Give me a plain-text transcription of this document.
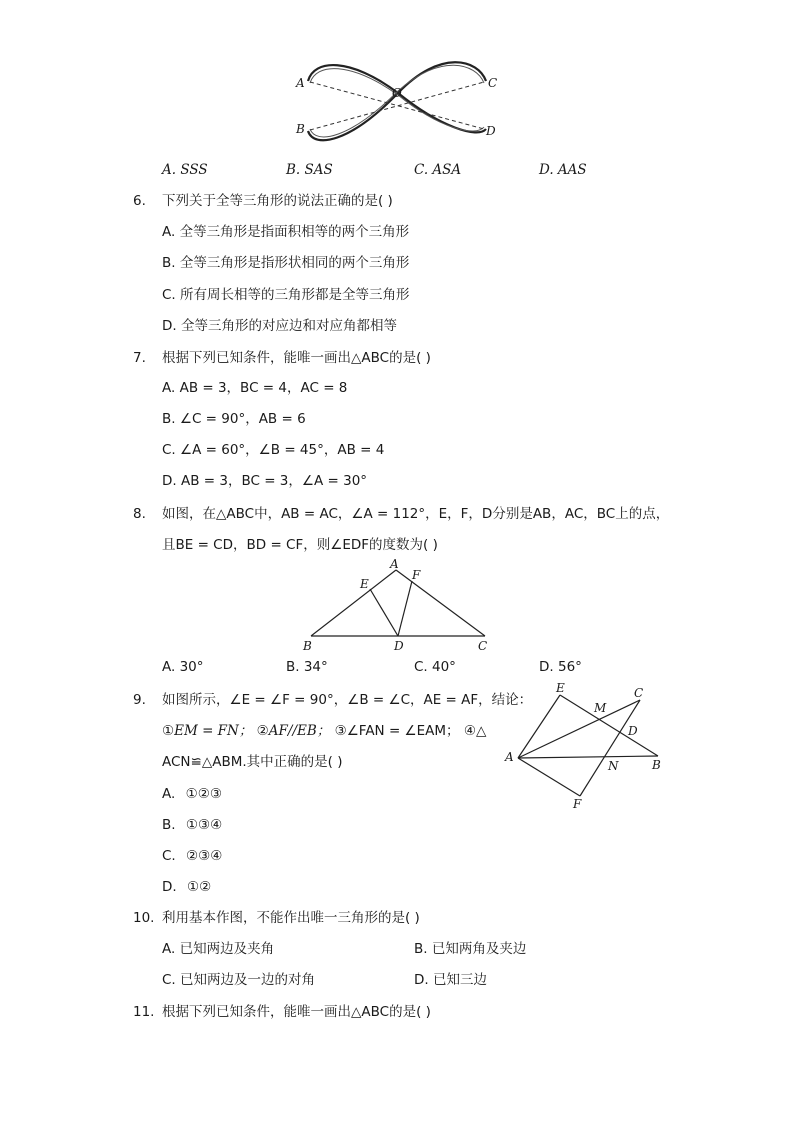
A
B
C
D
O
A. SSS	B. SAS	C. ASA	D. AAS
6. 下列关于全等三角形的说法正确的是( )
A. 全等三角形是指面积相等的两个三角形
B. 全等三角形是指形状相同的两个三角形
C. 所有周长相等的三角形都是全等三角形
D. 全等三角形的对应边和对应角都相等
7. 根据下列已知条件，能唯一画出△ABC的是( )
A. AB = 3，BC = 4，AC = 8
B. ∠C = 90°，AB = 6
C. ∠A = 60°，∠B = 45°，AB = 4
D. AB = 3，BC = 3，∠A = 30°
8. 如图，在△ABC中，AB = AC，∠A = 112°，E，F，D分别是AB，AC，BC上的点，
且BE = CD，BD = CF，则∠EDF的度数为( )
A
B	C
D
E
F
A. 30°	B. 34°	C. 40°	D. 56°
9. 如图所示，∠E = ∠F = 90°，∠B = ∠C，AE = AF，结论：
①EM = FN； ②AF//EB； ③∠FAN = ∠EAM； ④△
ACN≌△ABM.其中正确的是( )
A. ①②③
B. ①③④
C. ②③④
D. ①②
A
B
C
D
E
F
M
N
10. 利用基本作图，不能作出唯一三角形的是( )
A. 已知两边及夹角	B. 已知两角及夹边
C. 已知两边及一边的对角	D. 已知三边
11. 根据下列已知条件，能唯一画出△ABC的是( )
